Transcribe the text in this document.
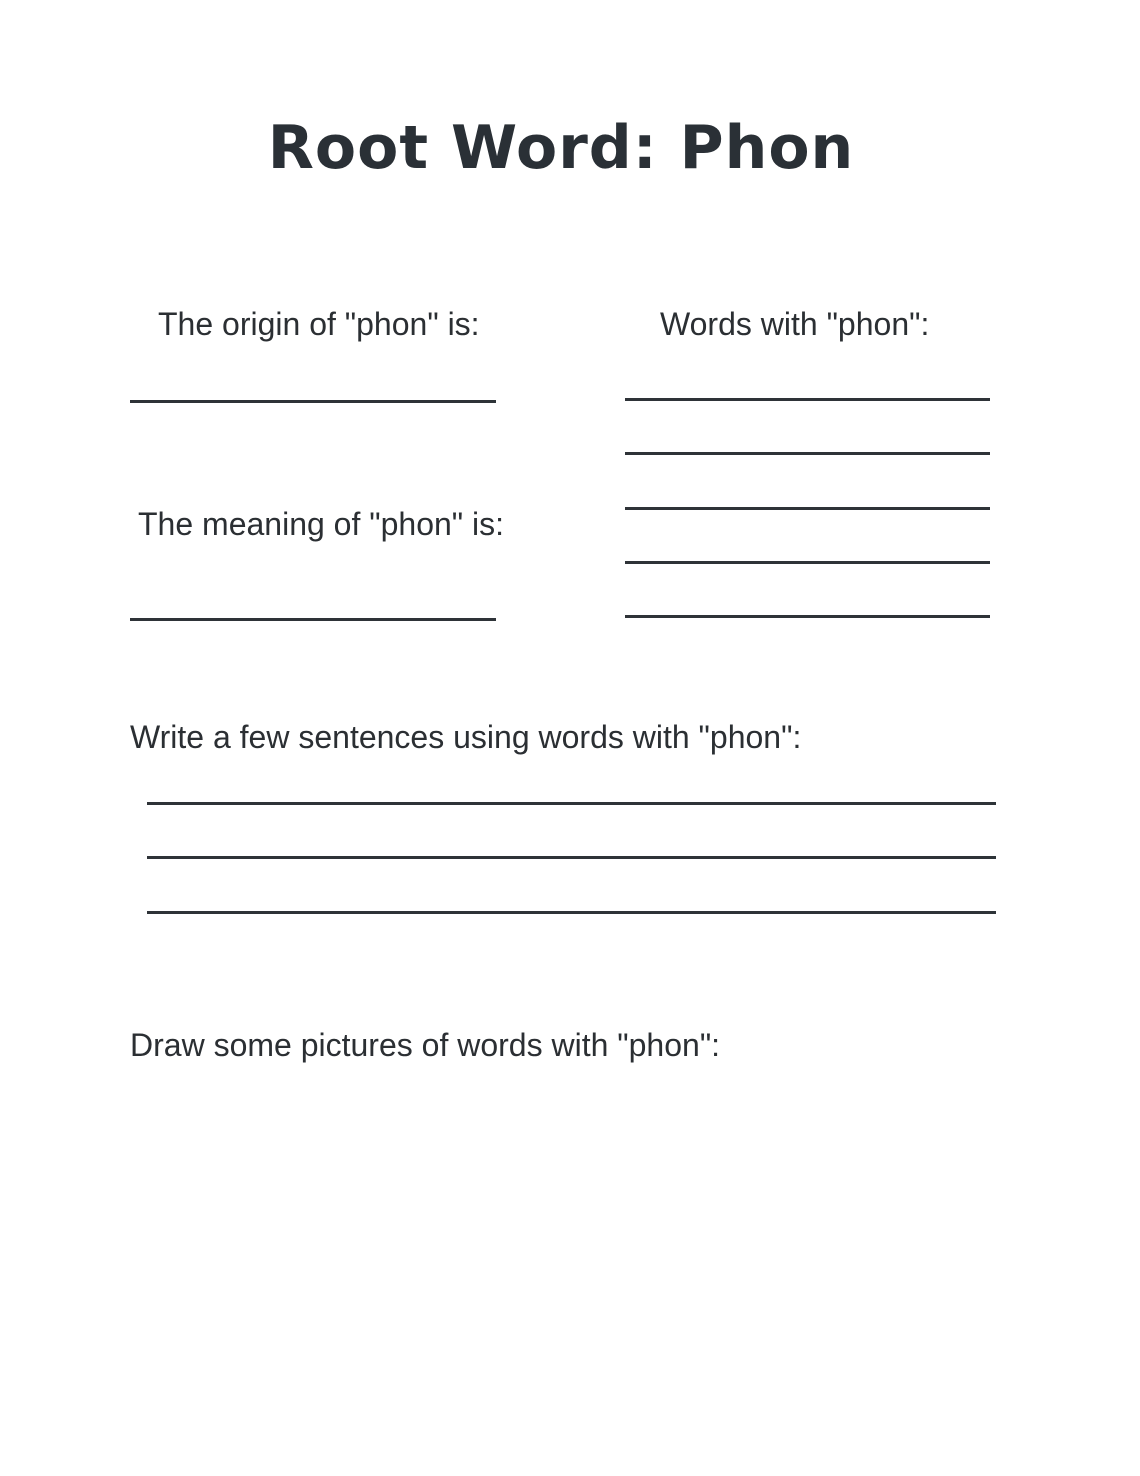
Root Word: Phon

The origin of "phon" is:

The meaning of "phon" is:

Words with "phon":

Write a few sentences using words with "phon":

Draw some pictures of words with "phon":
